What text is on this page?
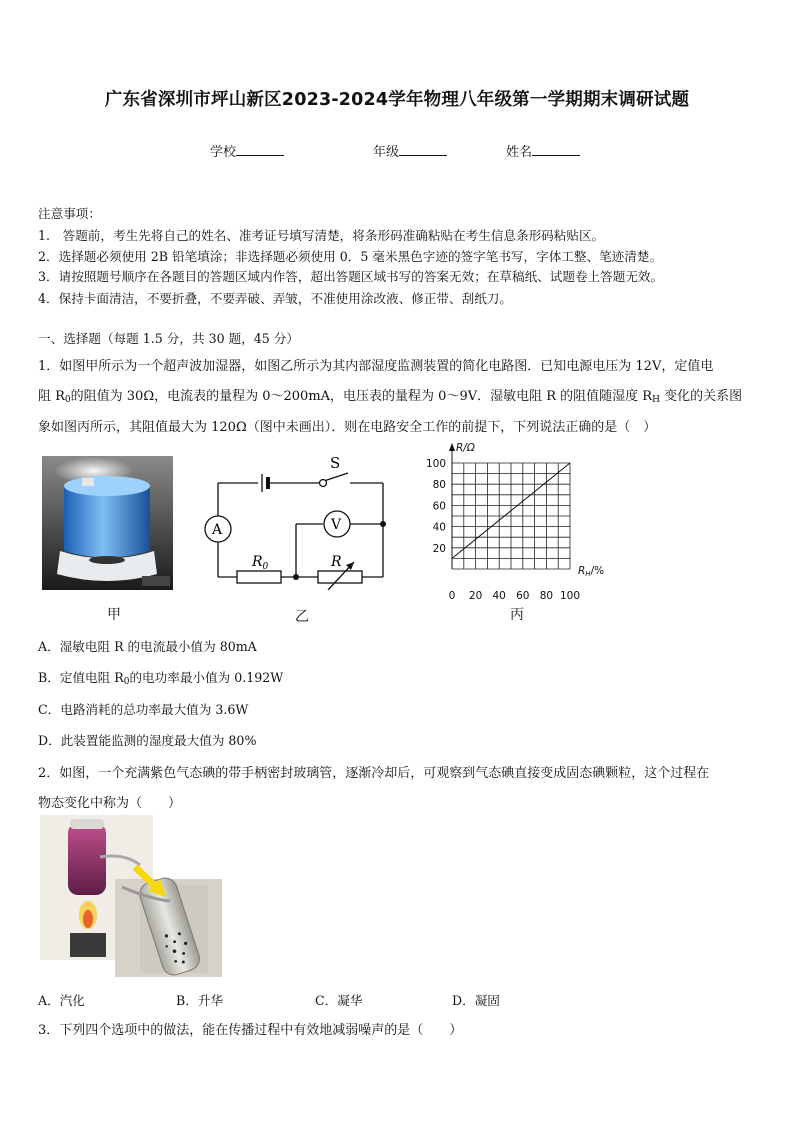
广东省深圳市坪山新区2023-2024学年物理八年级第一学期期末调研试题
学校	年级	姓名
注意事项：
1.　答题前，考生先将自己的姓名、准考证号填写清楚，将条形码准确粘贴在考生信息条形码粘贴区。
2．选择题必须使用 2B 铅笔填涂；非选择题必须使用 0．5 毫米黑色字迹的签字笔书写，字体工整、笔迹清楚。
3．请按照题号顺序在各题目的答题区域内作答，超出答题区域书写的答案无效；在草稿纸、试题卷上答题无效。
4．保持卡面清洁，不要折叠，不要弄破、弄皱，不准使用涂改液、修正带、刮纸刀。
一、选择题（每题 1.5 分，共 30 题，45 分）
1．如图甲所示为一个超声波加湿器，如图乙所示为其内部湿度监测装置的简化电路图．已知电源电压为 12V，定值电
阻 $R_0$的阻值为 30Ω，电流表的量程为 0～200mA，电压表的量程为 0～9V．湿敏电阻 R 的阻值随湿度 $R_H$ 变化的关系图
象如图丙所示，其阻值最大为 120Ω（图中未画出）．则在电路安全工作的前提下，下列说法正确的是（　）
S
A	V
$R_0$	R
20
40
60
80
100
0 20 40 60 80 100
R/Ω
RH/%
甲	乙	丙
A．湿敏电阻 R 的电流最小值为 80mA
B．定值电阻 $R_0$的电功率最小值为 0.192W
C．电路消耗的总功率最大值为 3.6W
D．此装置能监测的湿度最大值为 80%
2．如图，一个充满紫色气态碘的带手柄密封玻璃管，逐渐冷却后，可观察到气态碘直接变成固态碘颗粒，这个过程在
物态变化中称为（　　）
A．汽化	B．升华	C．凝华	D．凝固
3．下列四个选项中的做法，能在传播过程中有效地减弱噪声的是（　　）
